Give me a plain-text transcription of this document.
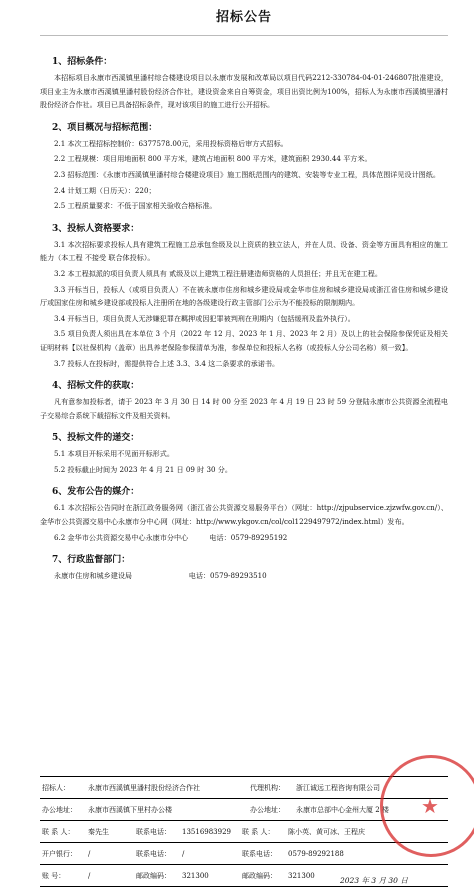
招标公告
1、招标条件：

本招标项目永康市西溪镇里潘村综合楼建设项目以永康市发展和改革局以项目代码2212-330784-04-01-246807批准建设，项目业主为永康市西溪镇里潘村股份经济合作社，建设资金来自自筹资金，项目出资比例为100%，招标人为永康市西溪镇里潘村股份经济合作社。项目已具备招标条件，现对该项目的施工进行公开招标。

2、项目概况与招标范围：

2.1 本次工程招标控制价：6377578.00元，采用投标资格后审方式招标。

2.2 工程规模：项目用地面积 800 平方米，建筑占地面积 800 平方米，建筑面积 2930.44 平方米。

2.3 招标范围：《永康市西溪镇里潘村综合楼建设项目》施工图纸范围内的建筑、安装等专业工程，具体范围详见设计图纸。

2.4 计划工期（日历天）：220；

2.5 工程质量要求：不低于国家相关验收合格标准。

3、投标人资格要求：

3.1 本次招标要求投标人具有建筑工程施工总承包叁级及以上资质的独立法人，并在人员、设备、资金等方面具有相应的施工能力（本工程 不接受 联合体投标）。

3.2 本工程拟派的项目负责人须具有 贰级及以上建筑工程注册建造师资格的人员担任；并且无在建工程。

3.3 开标当日，投标人（或项目负责人）不在被永康市住房和城乡建设局或金华市住房和城乡建设局或浙江省住房和城乡建设厅或国家住房和城乡建设部或投标人注册所在地的各级建设行政主管部门公示为不能投标的限制期内。

3.4 开标当日，项目负责人无涉嫌犯罪在羁押或因犯罪被判刑在刑期内（包括缓刑及监外执行）。

3.5 项目负责人须出具在本单位 3 个月（2022 年 12 月、2023 年 1 月、2023 年 2 月）及以上的社会保险参保凭证及相关证明材料【以社保机构（盖章）出具养老保险参保清单为准，参保单位和投标人名称（或投标人分公司名称）须一致】。

3.7 投标人在投标时，需提供符合上述 3.3、3.4 这二条要求的承诺书。

4、招标文件的获取：

凡有意参加投标者，请于 2023 年 3 月 30 日 14 时 00 分至 2023 年 4 月 19 日 23 时 59 分登陆永康市公共资源全流程电子交易综合系统下载招标文件及相关资料。

5、投标文件的递交：

5.1 本项目开标采用不见面开标形式。

5.2 投标截止时间为 2023 年 4 月 21 日 09 时 30 分。

6、发布公告的媒介：

6.1 本次招标公告同时在浙江政务服务网（浙江省公共资源交易服务平台）（网址：http://zjpubservice.zjzwfw.gov.cn/）、金华市公共资源交易中心永康市分中心网（网址：http://www.ykgov.cn/col/col1229497972/index.html）发布。

6.2 金华市公共资源交易中心永康市分中心　　　电话：0579-89295192

7、行政监督部门：

永康市住房和城乡建设局　　　　　　　　电话：0579-89293510

招标人：	永康市西溪镇里潘村股份经济合作社	代理机构：	浙江诚远工程咨询有限公司
办公地址：	永康市西溪镇下里村办公楼	办公地址：	永康市总部中心金州大厦 2 楼
联 系 人：	秦先生	联系电话：	13516983929	联 系 人：	陈小英、黄可冰、王程庆
开户银行：	/	联系电话：	/	联系电话：	0579-89292188
账 号：	/	邮政编码：	321300	邮政编码：	321300
★
2023 年 3 月 30 日
